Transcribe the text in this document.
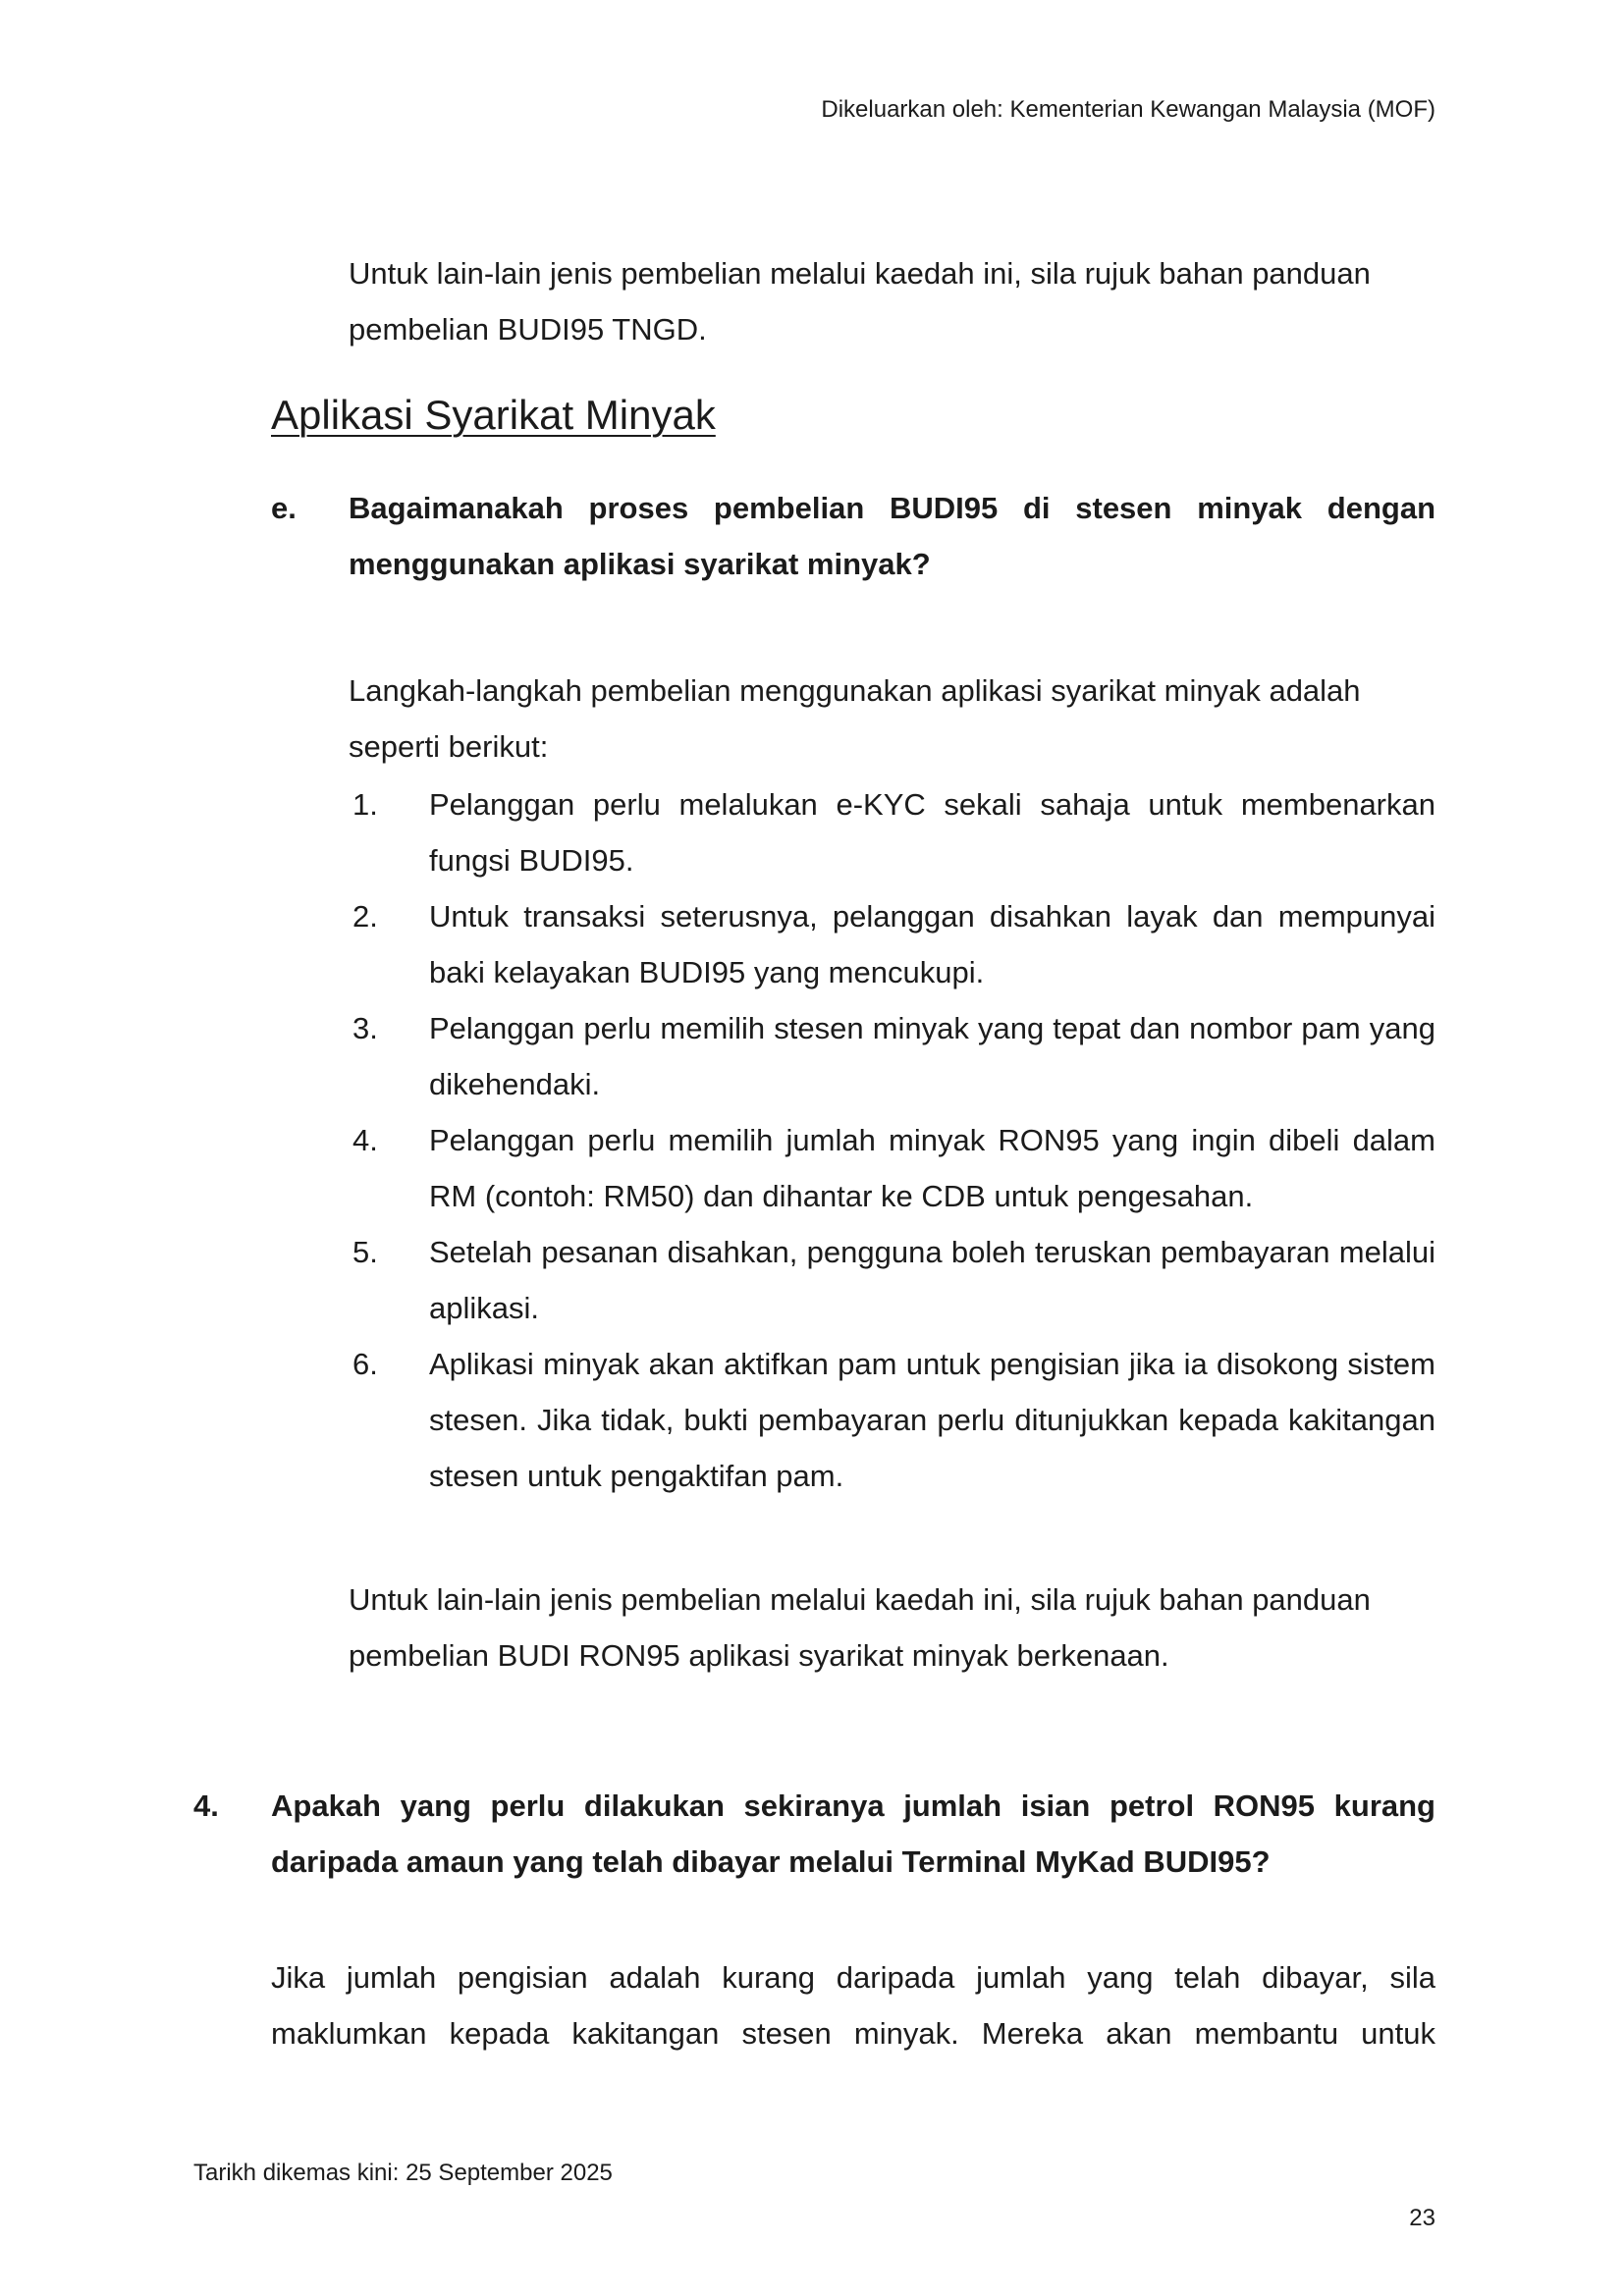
Dikeluarkan oleh: Kementerian Kewangan Malaysia (MOF)

Untuk lain-lain jenis pembelian melalui kaedah ini, sila rujuk bahan panduan pembelian BUDI95 TNGD.

Aplikasi Syarikat Minyak
e.	Bagaimanakah proses pembelian BUDI95 di stesen minyak dengan menggunakan aplikasi syarikat minyak?

Langkah-langkah pembelian menggunakan aplikasi syarikat minyak adalah seperti berikut:

1. Pelanggan perlu melalukan e-KYC sekali sahaja untuk membenarkan fungsi BUDI95.
2. Untuk transaksi seterusnya, pelanggan disahkan layak dan mempunyai baki kelayakan BUDI95 yang mencukupi.
3. Pelanggan perlu memilih stesen minyak yang tepat dan nombor pam yang dikehendaki.
4. Pelanggan perlu memilih jumlah minyak RON95 yang ingin dibeli dalam RM (contoh: RM50) dan dihantar ke CDB untuk pengesahan.
5. Setelah pesanan disahkan, pengguna boleh teruskan pembayaran melalui aplikasi.
6. Aplikasi minyak akan aktifkan pam untuk pengisian jika ia disokong sistem stesen. Jika tidak, bukti pembayaran perlu ditunjukkan kepada kakitangan stesen untuk pengaktifan pam.

Untuk lain-lain jenis pembelian melalui kaedah ini, sila rujuk bahan panduan pembelian BUDI RON95 aplikasi syarikat minyak berkenaan.

4.	Apakah yang perlu dilakukan sekiranya jumlah isian petrol RON95 kurang daripada amaun yang telah dibayar melalui Terminal MyKad BUDI95?

Jika jumlah pengisian adalah kurang daripada jumlah yang telah dibayar, sila maklumkan kepada kakitangan stesen minyak. Mereka akan membantu untuk

Tarikh dikemas kini: 25 September 2025
23
